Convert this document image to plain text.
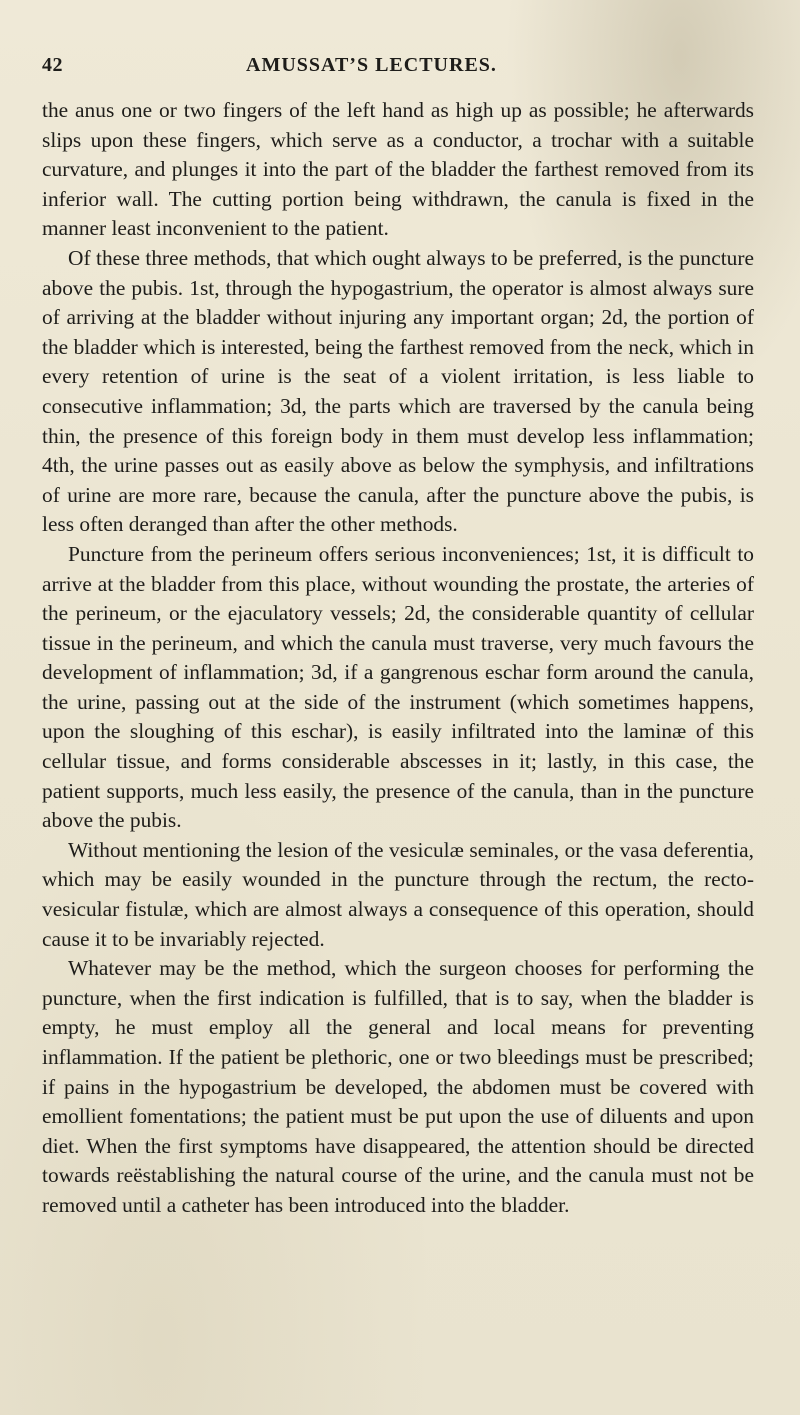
42	AMUSSAT’S LECTURES.

the anus one or two fingers of the left hand as high up as possible; he afterwards slips upon these fingers, which serve as a conductor, a trochar with a suitable curvature, and plunges it into the part of the bladder the farthest removed from its inferior wall. The cutting portion being withdrawn, the canula is fixed in the manner least inconvenient to the patient.

Of these three methods, that which ought always to be preferred, is the puncture above the pubis. 1st, through the hypogastrium, the operator is almost always sure of arriving at the bladder without injuring any important organ; 2d, the portion of the bladder which is interested, being the farthest removed from the neck, which in every retention of urine is the seat of a violent irritation, is less liable to consecutive inflammation; 3d, the parts which are traversed by the canula being thin, the presence of this foreign body in them must develop less inflammation; 4th, the urine passes out as easily above as below the symphysis, and infiltrations of urine are more rare, because the canula, after the puncture above the pubis, is less often deranged than after the other methods.

Puncture from the perineum offers serious inconveniences; 1st, it is difficult to arrive at the bladder from this place, without wounding the prostate, the arteries of the perineum, or the ejaculatory vessels; 2d, the considerable quantity of cellular tissue in the perineum, and which the canula must traverse, very much favours the development of inflammation; 3d, if a gangrenous eschar form around the canula, the urine, passing out at the side of the instrument (which sometimes happens, upon the sloughing of this eschar), is easily infiltrated into the laminæ of this cellular tissue, and forms considerable abscesses in it; lastly, in this case, the patient supports, much less easily, the presence of the canula, than in the puncture above the pubis.

Without mentioning the lesion of the vesiculæ seminales, or the vasa deferentia, which may be easily wounded in the puncture through the rectum, the recto-vesicular fistulæ, which are almost always a consequence of this operation, should cause it to be invariably rejected.

Whatever may be the method, which the surgeon chooses for performing the puncture, when the first indication is fulfilled, that is to say, when the bladder is empty, he must employ all the general and local means for preventing inflammation. If the patient be plethoric, one or two bleedings must be prescribed; if pains in the hypogastrium be developed, the abdomen must be covered with emollient fomentations; the patient must be put upon the use of diluents and upon diet. When the first symptoms have disappeared, the attention should be directed towards reëstablishing the natural course of the urine, and the canula must not be removed until a catheter has been introduced into the bladder.
